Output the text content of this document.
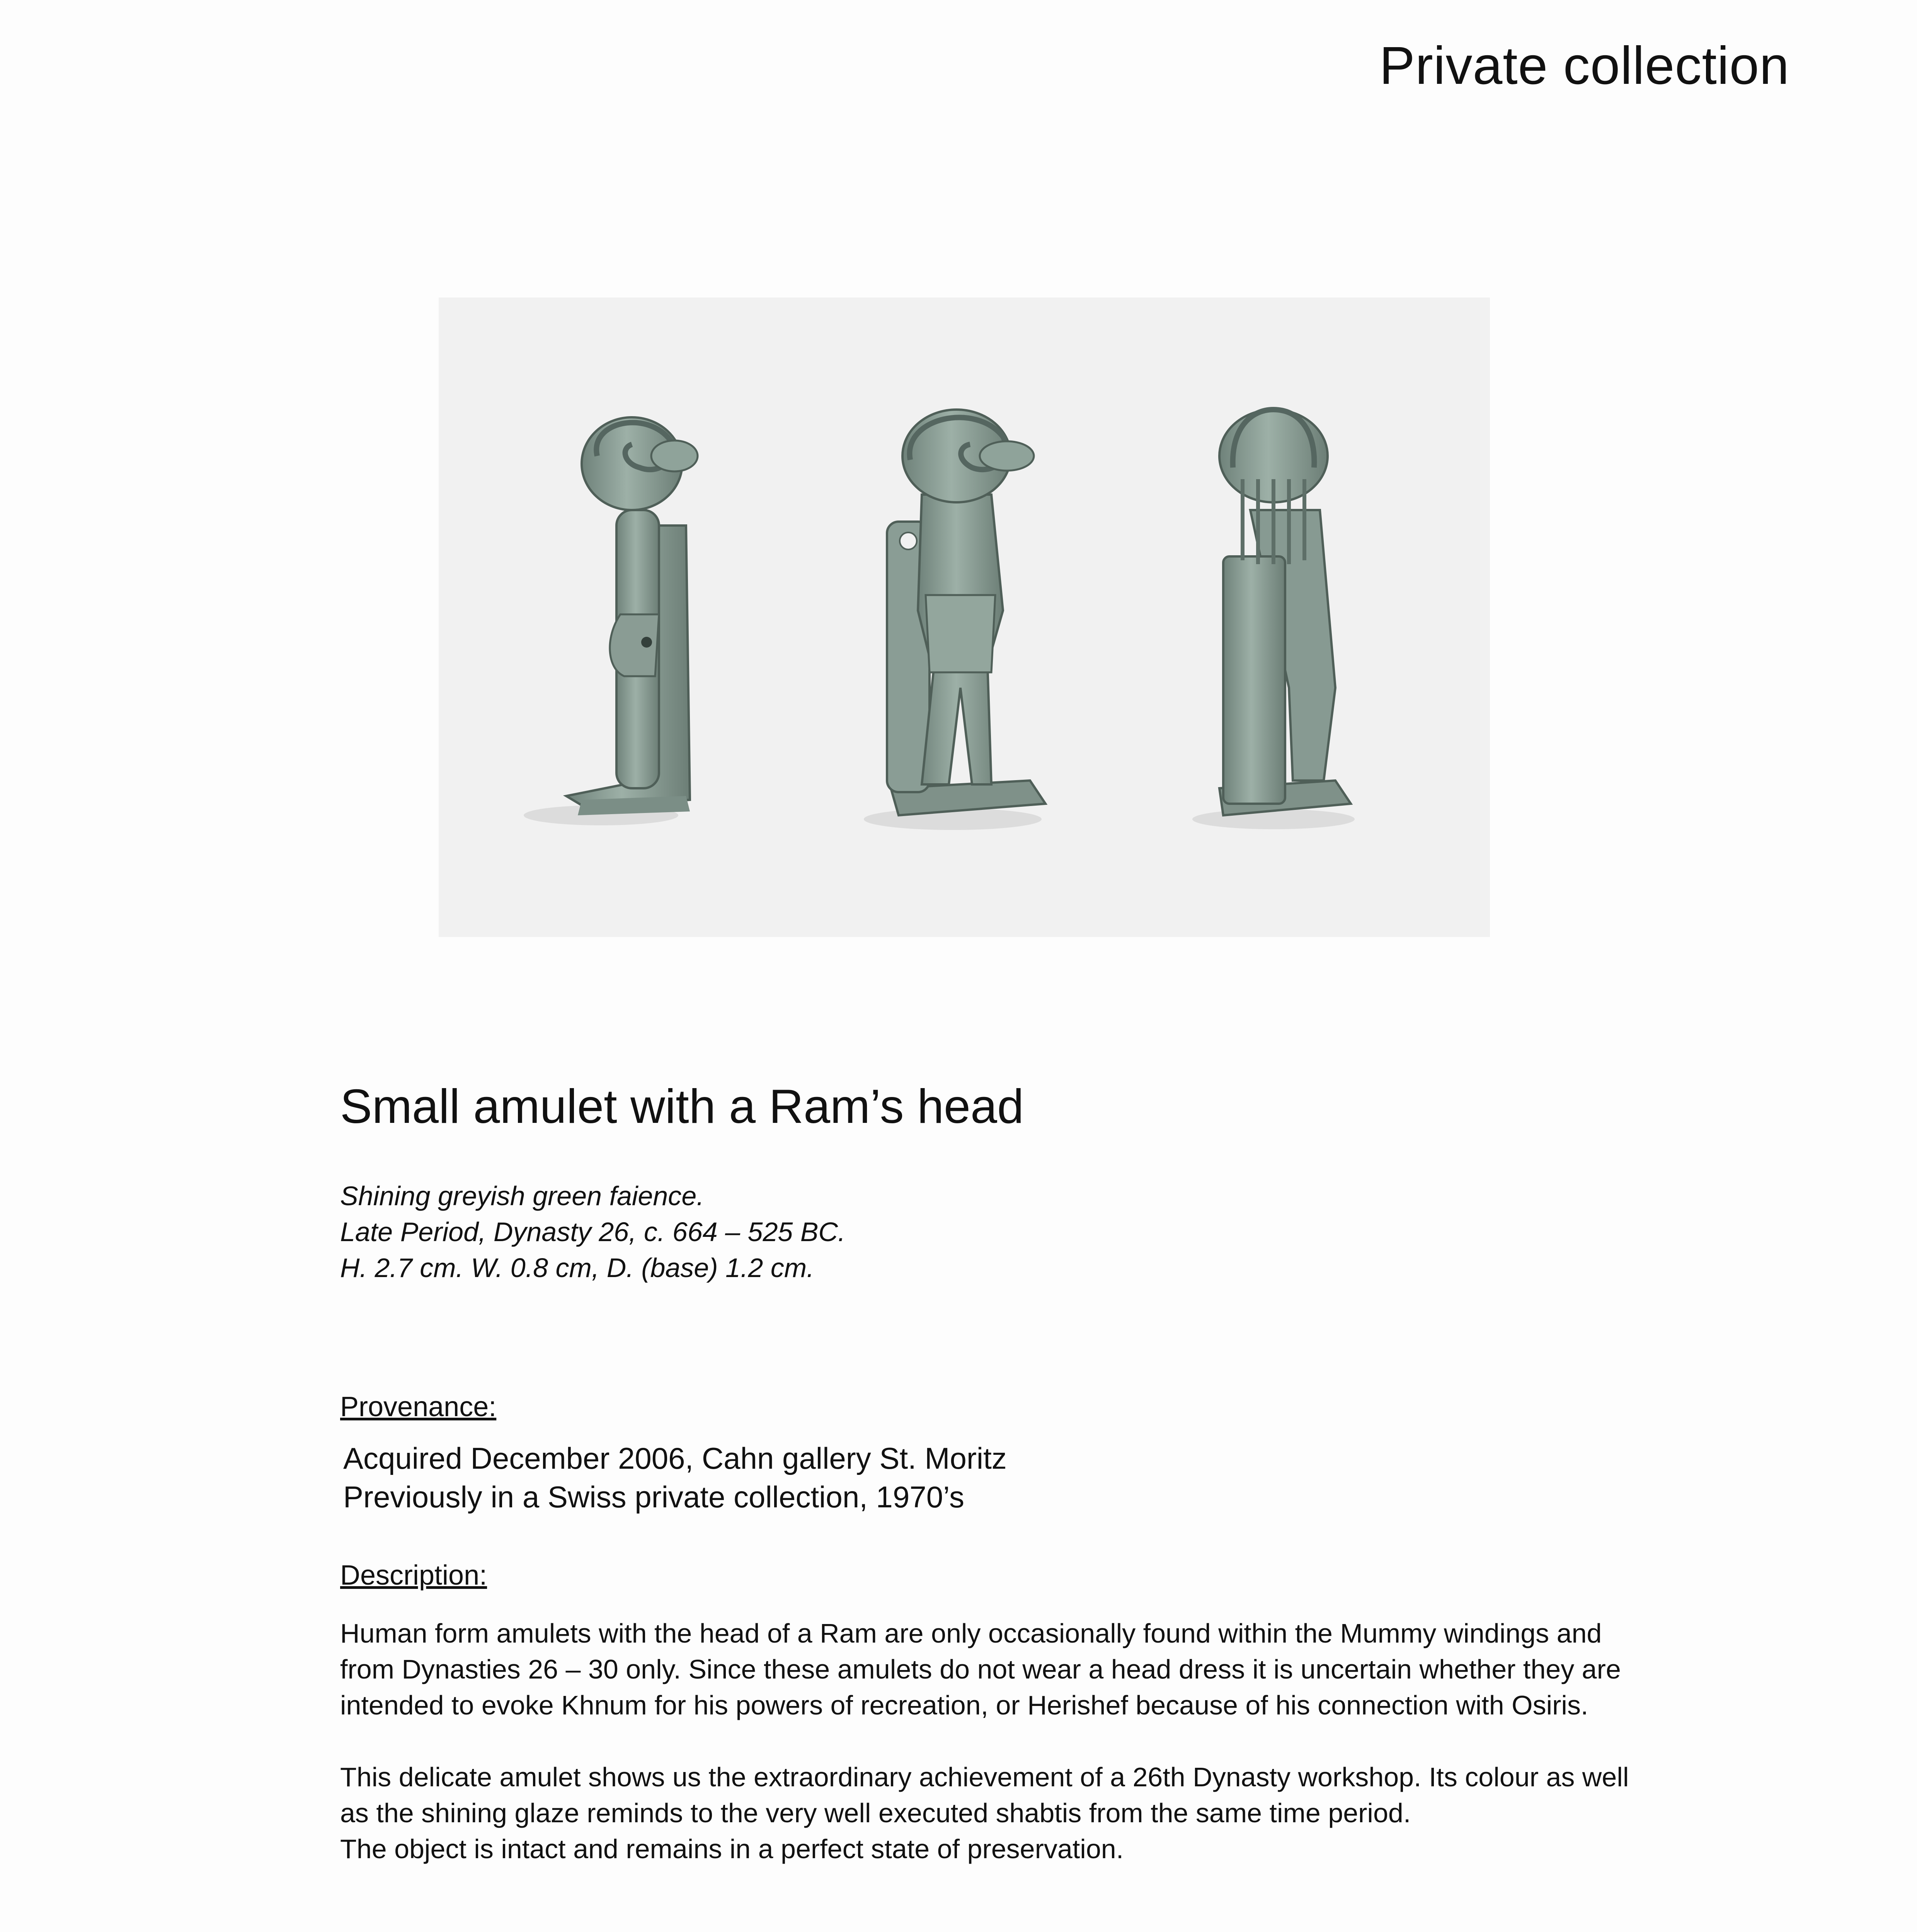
Private collection
Small amulet with a Ram’s head

Shining greyish green faience.

Late Period, Dynasty 26, c. 664 – 525 BC.

H. 2.7 cm. W. 0.8 cm, D. (base) 1.2 cm.

Provenance:

Acquired December 2006, Cahn gallery St. Moritz

Previously in a Swiss private collection, 1970’s

Description:

Human form amulets with the head of a Ram are only occasionally found within the Mummy windings and from Dynasties 26 – 30 only. Since these amulets do not wear a head dress it is uncertain whether they are intended to evoke Khnum for his powers of recreation, or Herishef because of his connection with Osiris.

This delicate amulet shows us the extraordinary achievement of a 26th Dynasty workshop. Its colour as well as the shining glaze reminds to the very well executed shabtis from the same time period.

The object is intact and remains in a perfect state of preservation.
